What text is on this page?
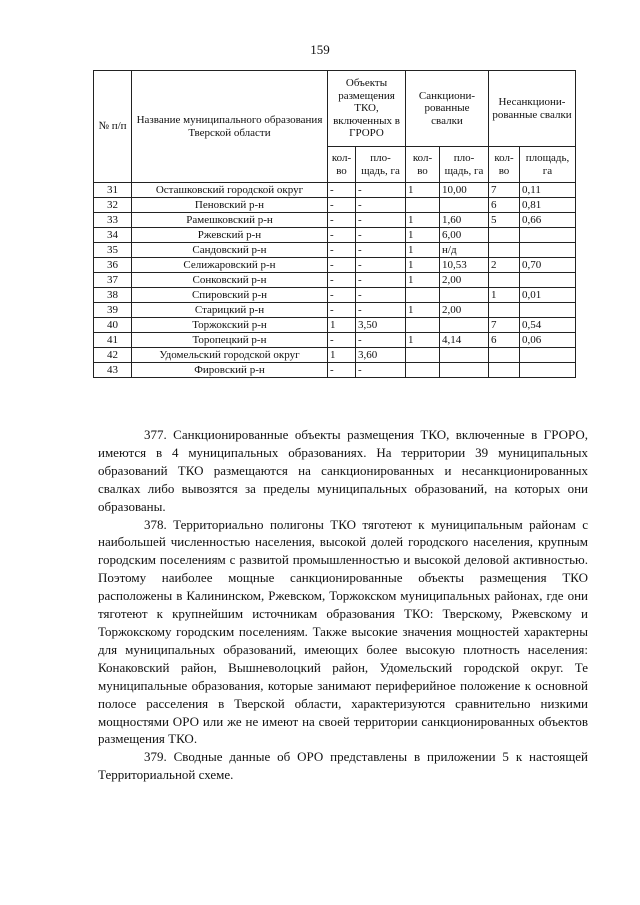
159
№ п/п	Название муниципального образования Тверской области	Объекты размещения ТКО, включенных в ГРОРО		Санкциони-рованные свалки		Несанкциони-рованные свалки	
		кол-во	пло-щадь, га	кол-во	пло-щадь, га	кол-во	площадь, га
31	Осташковский городской округ	-	-	1	10,00	7	0,11
32	Пеновский р-н	-	-			6	0,81
33	Рамешковский р-н	-	-	1	1,60	5	0,66
34	Ржевский р-н	-	-	1	6,00		
35	Сандовский р-н	-	-	1	н/д		
36	Селижаровский р-н	-	-	1	10,53	2	0,70
37	Сонковский р-н	-	-	1	2,00		
38	Спировский р-н	-	-			1	0,01
39	Старицкий р-н	-	-	1	2,00		
40	Торжокский р-н	1	3,50			7	0,54
41	Торопецкий р-н	-	-	1	4,14	6	0,06
42	Удомельский городской округ	1	3,60				
43	Фировский р-н	-	-				

377. Санкционированные объекты размещения ТКО, включенные в ГРОРО, имеются в 4 муниципальных образованиях. На территории 39 муниципальных образований ТКО размещаются на санкционированных и несанкционированных свалках либо вывозятся за пределы муниципальных образований, на которых они образованы.

378. Территориально полигоны ТКО тяготеют к муниципальным районам с наибольшей численностью населения, высокой долей городского населения, крупным городским поселениям с развитой промышленностью и высокой деловой активностью. Поэтому наиболее мощные санкционированные объекты размещения ТКО расположены в Калининском, Ржевском, Торжокском муниципальных районах, где они тяготеют к крупнейшим источникам образования ТКО: Тверскому, Ржевскому и Торжокскому городским поселениям. Также высокие значения мощностей характерны для муниципальных образований, имеющих более высокую плотность населения: Конаковский район, Вышневолоцкий район, Удомельский городской округ. Те муниципальные образования, которые занимают периферийное положение к основной полосе расселения в Тверской области, характеризуются сравнительно низкими мощностями ОРО или же не имеют на своей территории санкционированных объектов размещения ТКО.

379. Сводные данные об ОРО представлены в приложении 5 к настоящей Территориальной схеме.
